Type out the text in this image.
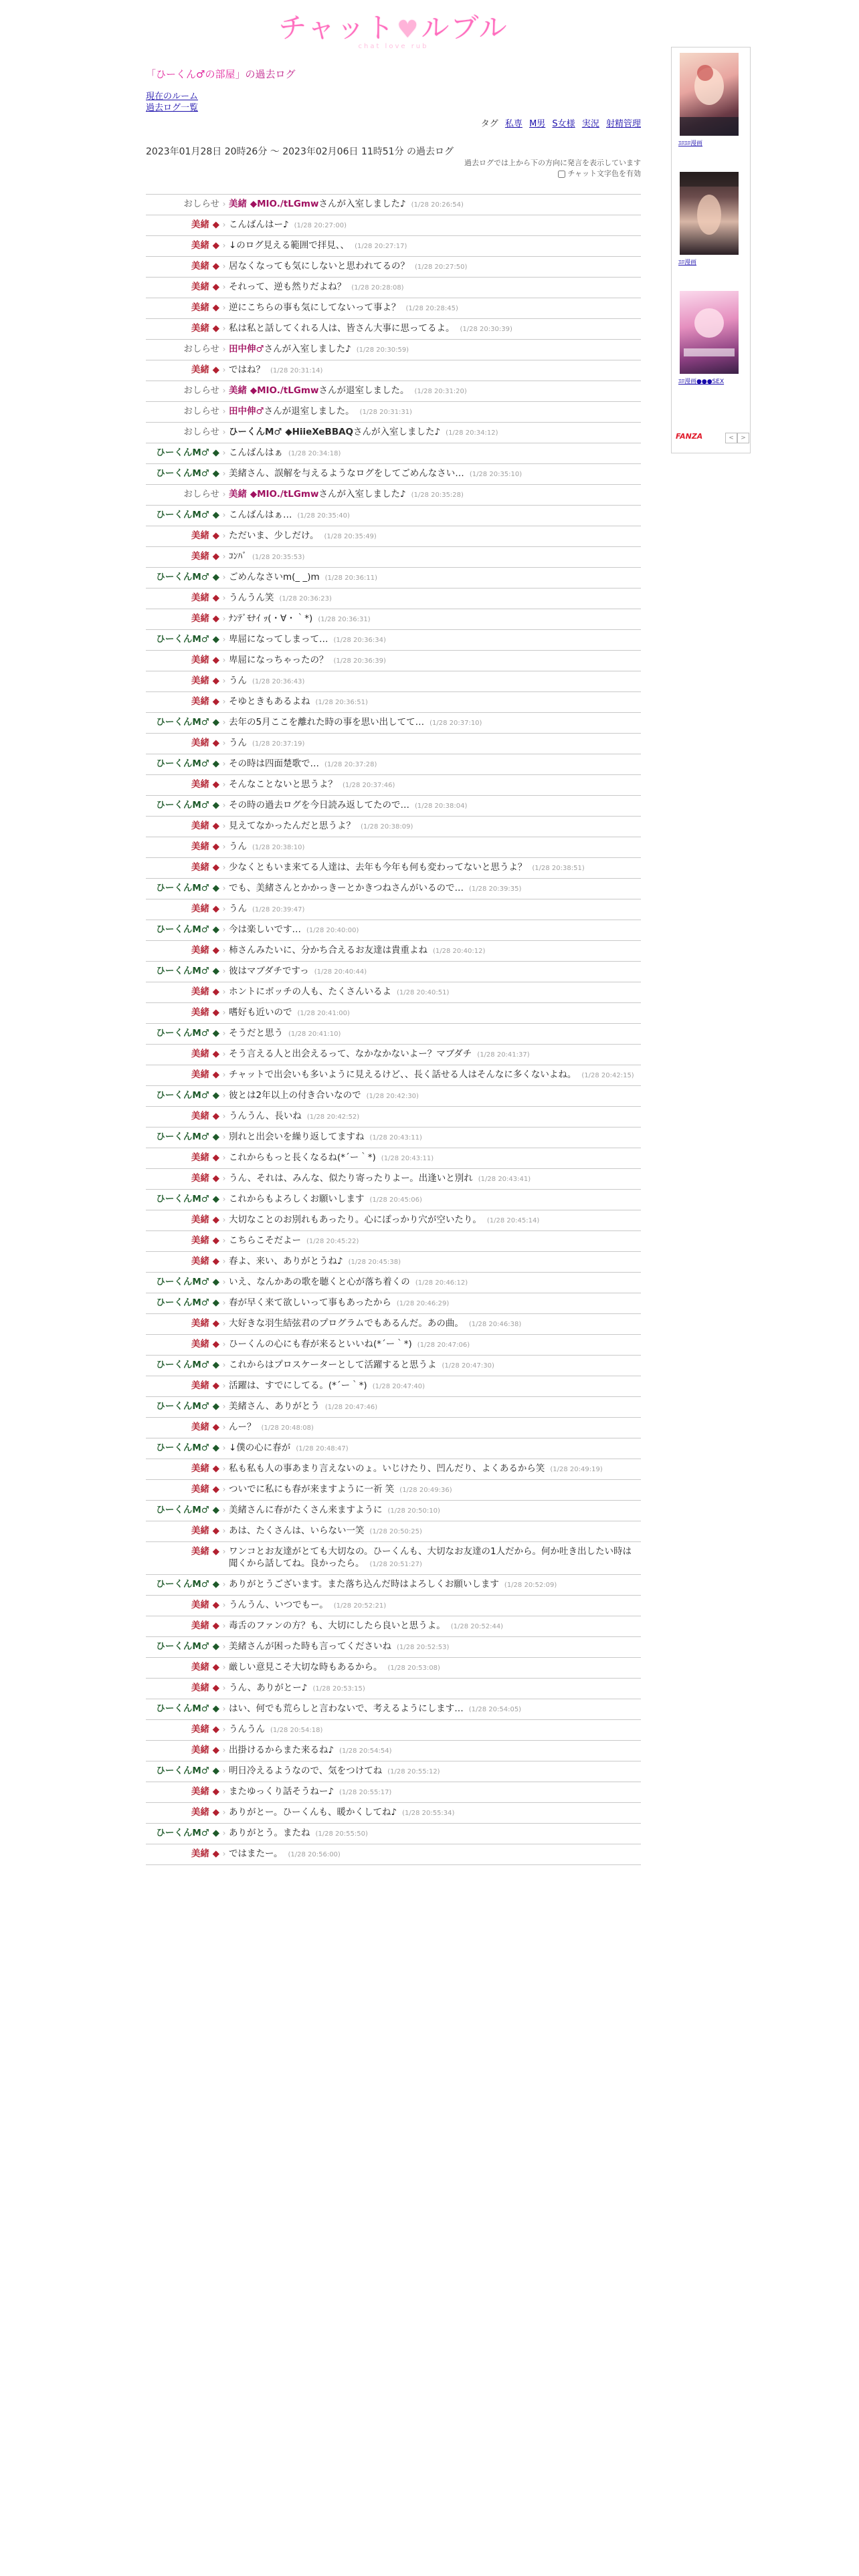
チャット♥ルブル
chat love rub
「ひーくん♂の部屋」の過去ログ
現在のルーム
過去ログ一覧
タグ 私専 M男 S女様 実況 射精管理
2023年01月28日 20時26分 ～ 2023年02月06日 11時51分 の過去ログ
過去ログでは上から下の方向に発言を表示しています
チャット文字色を有効
おしらせ › 美緒 ◆MIO./tLGmwさんが入室しました♪ (1/28 20:26:54)
美緒 ◆ › こんばんはー♪ (1/28 20:27:00)
美緒 ◆ › ↓のログ見える範囲で拝見、、 (1/28 20:27:17)
美緒 ◆ › 居なくなっても気にしないと思われてるの？ (1/28 20:27:50)
美緒 ◆ › それって、逆も然りだよね？ (1/28 20:28:08)
美緒 ◆ › 逆にこちらの事も気にしてないって事よ？ (1/28 20:28:45)
美緒 ◆ › 私は私と話してくれる人は、皆さん大事に思ってるよ。 (1/28 20:30:39)
おしらせ › 田中伸♂さんが入室しました♪ (1/28 20:30:59)
美緒 ◆ › ではね？ (1/28 20:31:14)
おしらせ › 美緒 ◆MIO./tLGmwさんが退室しました。 (1/28 20:31:20)
おしらせ › 田中伸♂さんが退室しました。 (1/28 20:31:31)
おしらせ › ひーくんM♂ ◆HiieXeBBAQさんが入室しました♪ (1/28 20:34:12)
ひーくんM♂ ◆ › こんばんはぁ (1/28 20:34:18)
ひーくんM♂ ◆ › 美緒さん、誤解を与えるようなログをしてごめんなさい… (1/28 20:35:10)
おしらせ › 美緒 ◆MIO./tLGmwさんが入室しました♪ (1/28 20:35:28)
ひーくんM♂ ◆ › こんばんはぁ… (1/28 20:35:40)
美緒 ◆ › ただいま、少しだけ。 (1/28 20:35:49)
美緒 ◆ › ｺﾝﾊﾞ (1/28 20:35:53)
ひーくんM♂ ◆ › ごめんなさいm(_ _)m (1/28 20:36:11)
美緒 ◆ › うんうん笑 (1/28 20:36:23)
美緒 ◆ › ﾅﾝﾃﾞﾓﾅｲ ｯ(・∀・｀*) (1/28 20:36:31)
ひーくんM♂ ◆ › 卑屈になってしまって… (1/28 20:36:34)
美緒 ◆ › 卑屈になっちゃったの？ (1/28 20:36:39)
美緒 ◆ › うん (1/28 20:36:43)
美緒 ◆ › そゆときもあるよね (1/28 20:36:51)
ひーくんM♂ ◆ › 去年の5月ここを離れた時の事を思い出してて… (1/28 20:37:10)
美緒 ◆ › うん (1/28 20:37:19)
ひーくんM♂ ◆ › その時は四面楚歌で… (1/28 20:37:28)
美緒 ◆ › そんなことないと思うよ？ (1/28 20:37:46)
ひーくんM♂ ◆ › その時の過去ログを今日読み返してたので… (1/28 20:38:04)
美緒 ◆ › 見えてなかったんだと思うよ？ (1/28 20:38:09)
美緒 ◆ › うん (1/28 20:38:10)
美緒 ◆ › 少なくともいま来てる人達は、去年も今年も何も変わってないと思うよ？ (1/28 20:38:51)
ひーくんM♂ ◆ › でも、美緒さんとかかっきーとかきつねさんがいるので… (1/28 20:39:35)
美緒 ◆ › うん (1/28 20:39:47)
ひーくんM♂ ◆ › 今は楽しいです… (1/28 20:40:00)
美緒 ◆ › 柿さんみたいに、分かち合えるお友達は貴重よね (1/28 20:40:12)
ひーくんM♂ ◆ › 彼はマブダチですっ (1/28 20:40:44)
美緒 ◆ › ホントにボッチの人も、たくさんいるよ (1/28 20:40:51)
美緒 ◆ › 嗜好も近いので (1/28 20:41:00)
ひーくんM♂ ◆ › そうだと思う (1/28 20:41:10)
美緒 ◆ › そう言える人と出会えるって、なかなかないよー？マブダチ (1/28 20:41:37)
美緒 ◆ › チャットで出会いも多いように見えるけど、、長く話せる人はそんなに多くないよね。 (1/28 20:42:15)
ひーくんM♂ ◆ › 彼とは2年以上の付き合いなので (1/28 20:42:30)
美緒 ◆ › うんうん、長いね (1/28 20:42:52)
ひーくんM♂ ◆ › 別れと出会いを繰り返してますね (1/28 20:43:11)
美緒 ◆ › これからもっと長くなるね(*´ー｀*) (1/28 20:43:11)
美緒 ◆ › うん、それは、みんな、似たり寄ったりよー。出逢いと別れ (1/28 20:43:41)
ひーくんM♂ ◆ › これからもよろしくお願いします (1/28 20:45:06)
美緒 ◆ › 大切なことのお別れもあったり。心にぽっかり穴が空いたり。 (1/28 20:45:14)
美緒 ◆ › こちらこそだよー (1/28 20:45:22)
美緒 ◆ › 春よ、来い、ありがとうね♪ (1/28 20:45:38)
ひーくんM♂ ◆ › いえ、なんかあの歌を聴くと心が落ち着くの (1/28 20:46:12)
ひーくんM♂ ◆ › 春が早く来て欲しいって事もあったから (1/28 20:46:29)
美緒 ◆ › 大好きな羽生結弦君のプログラムでもあるんだ。あの曲。 (1/28 20:46:38)
美緒 ◆ › ひーくんの心にも春が来るといいね(*´ー｀*) (1/28 20:47:06)
ひーくんM♂ ◆ › これからはプロスケーターとして活躍すると思うよ (1/28 20:47:30)
美緒 ◆ › 活躍は、すでにしてる。(*´ー｀*) (1/28 20:47:40)
ひーくんM♂ ◆ › 美緒さん、ありがとう (1/28 20:47:46)
美緒 ◆ › んー？ (1/28 20:48:08)
ひーくんM♂ ◆ › ↓僕の心に春が (1/28 20:48:47)
美緒 ◆ › 私も私も人の事あまり言えないのょ。いじけたり、凹んだり、よくあるから笑 (1/28 20:49:19)
美緒 ◆ › ついでに私にも春が来ますように一祈 笑 (1/28 20:49:36)
ひーくんM♂ ◆ › 美緒さんに春がたくさん来ますように (1/28 20:50:10)
美緒 ◆ › あは、たくさんは、いらない一笑 (1/28 20:50:25)
美緒 ◆ › ワンコとお友達がとても大切なの。ひーくんも、大切なお友達の1人だから。何か吐き出したい時は聞くから話してね。良かったら。 (1/28 20:51:27)
ひーくんM♂ ◆ › ありがとうございます。また落ち込んだ時はよろしくお願いします (1/28 20:52:09)
美緒 ◆ › うんうん、いつでもー。 (1/28 20:52:21)
美緒 ◆ › 毒舌のファンの方？も、大切にしたら良いと思うよ。 (1/28 20:52:44)
ひーくんM♂ ◆ › 美緒さんが困った時も言ってくださいね (1/28 20:52:53)
美緒 ◆ › 厳しい意見こそ大切な時もあるから。 (1/28 20:53:08)
美緒 ◆ › うん、ありがとー♪ (1/28 20:53:15)
ひーくんM♂ ◆ › はい、何でも荒らしと言わないで、考えるようにします… (1/28 20:54:05)
美緒 ◆ › うんうん (1/28 20:54:18)
美緒 ◆ › 出掛けるからまた来るね♪ (1/28 20:54:54)
ひーくんM♂ ◆ › 明日冷えるようなので、気をつけてね (1/28 20:55:12)
美緒 ◆ › またゆっくり話そうねー♪ (1/28 20:55:17)
美緒 ◆ › ありがとー。ひーくんも、暖かくしてね♪ (1/28 20:55:34)
ひーくんM♂ ◆ › ありがとう。またね (1/28 20:55:50)
美緒 ◆ › ではまたー。 (1/28 20:56:00)
ｴﾛｴﾛ漫画
ｴﾛ漫画
ｴﾛ漫画●●●SEX
FANZA	<	>
